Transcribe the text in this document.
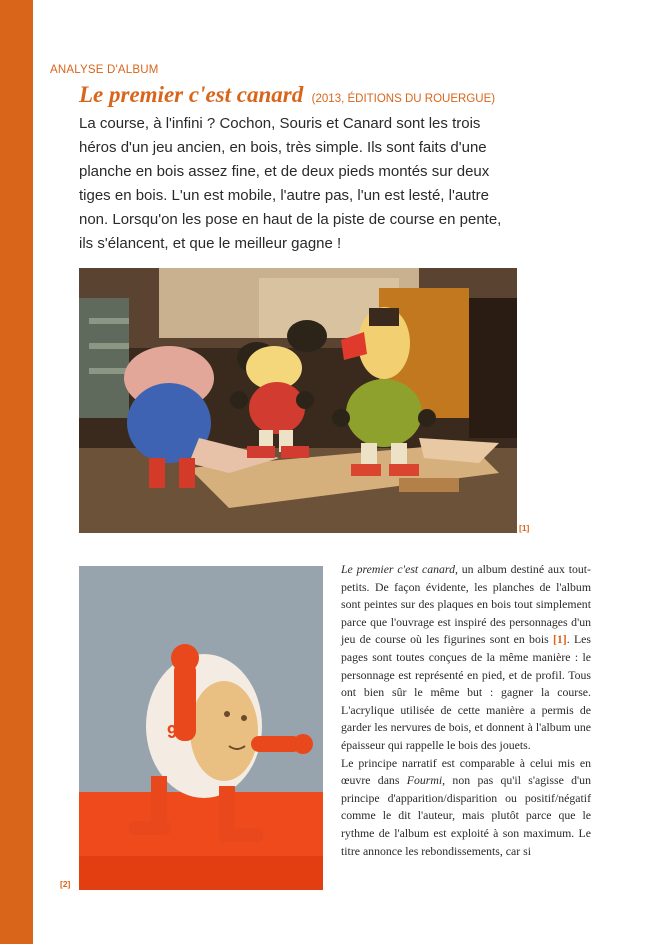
ANALYSE D'ALBUM
Le premier c'est canard (2013, ÉDITIONS DU ROUERGUE)

La course, à l'infini ? Cochon, Souris et Canard sont les trois héros d'un jeu ancien, en bois, très simple. Ils sont faits d'une planche en bois assez fine, et de deux pieds montés sur deux tiges en bois. L'un est mobile, l'autre pas, l'un est lesté, l'autre non. Lorsqu'on les pose en haut de la piste de course en pente, ils s'élancent, et que le meilleur gagne !

[1]
9
[2]

Le premier c'est canard, un album destiné aux tout-petits. De façon évidente, les planches de l'album sont peintes sur des plaques en bois tout simplement parce que l'ouvrage est inspiré des personnages d'un jeu de course où les figurines sont en bois [1]. Les pages sont toutes conçues de la même manière : le personnage est représenté en pied, et de profil. Tous ont bien sûr le même but : gagner la course. L'acrylique utilisée de cette manière a permis de garder les nervures de bois, et donnent à l'album une épaisseur qui rappelle le bois des jouets.

Le principe narratif est comparable à celui mis en œuvre dans Fourmi, non pas qu'il s'agisse d'un principe d'apparition/disparition ou positif/négatif comme le dit l'auteur, mais plutôt parce que le rythme de l'album est exploité à son maximum. Le titre annonce les rebondissements, car si
